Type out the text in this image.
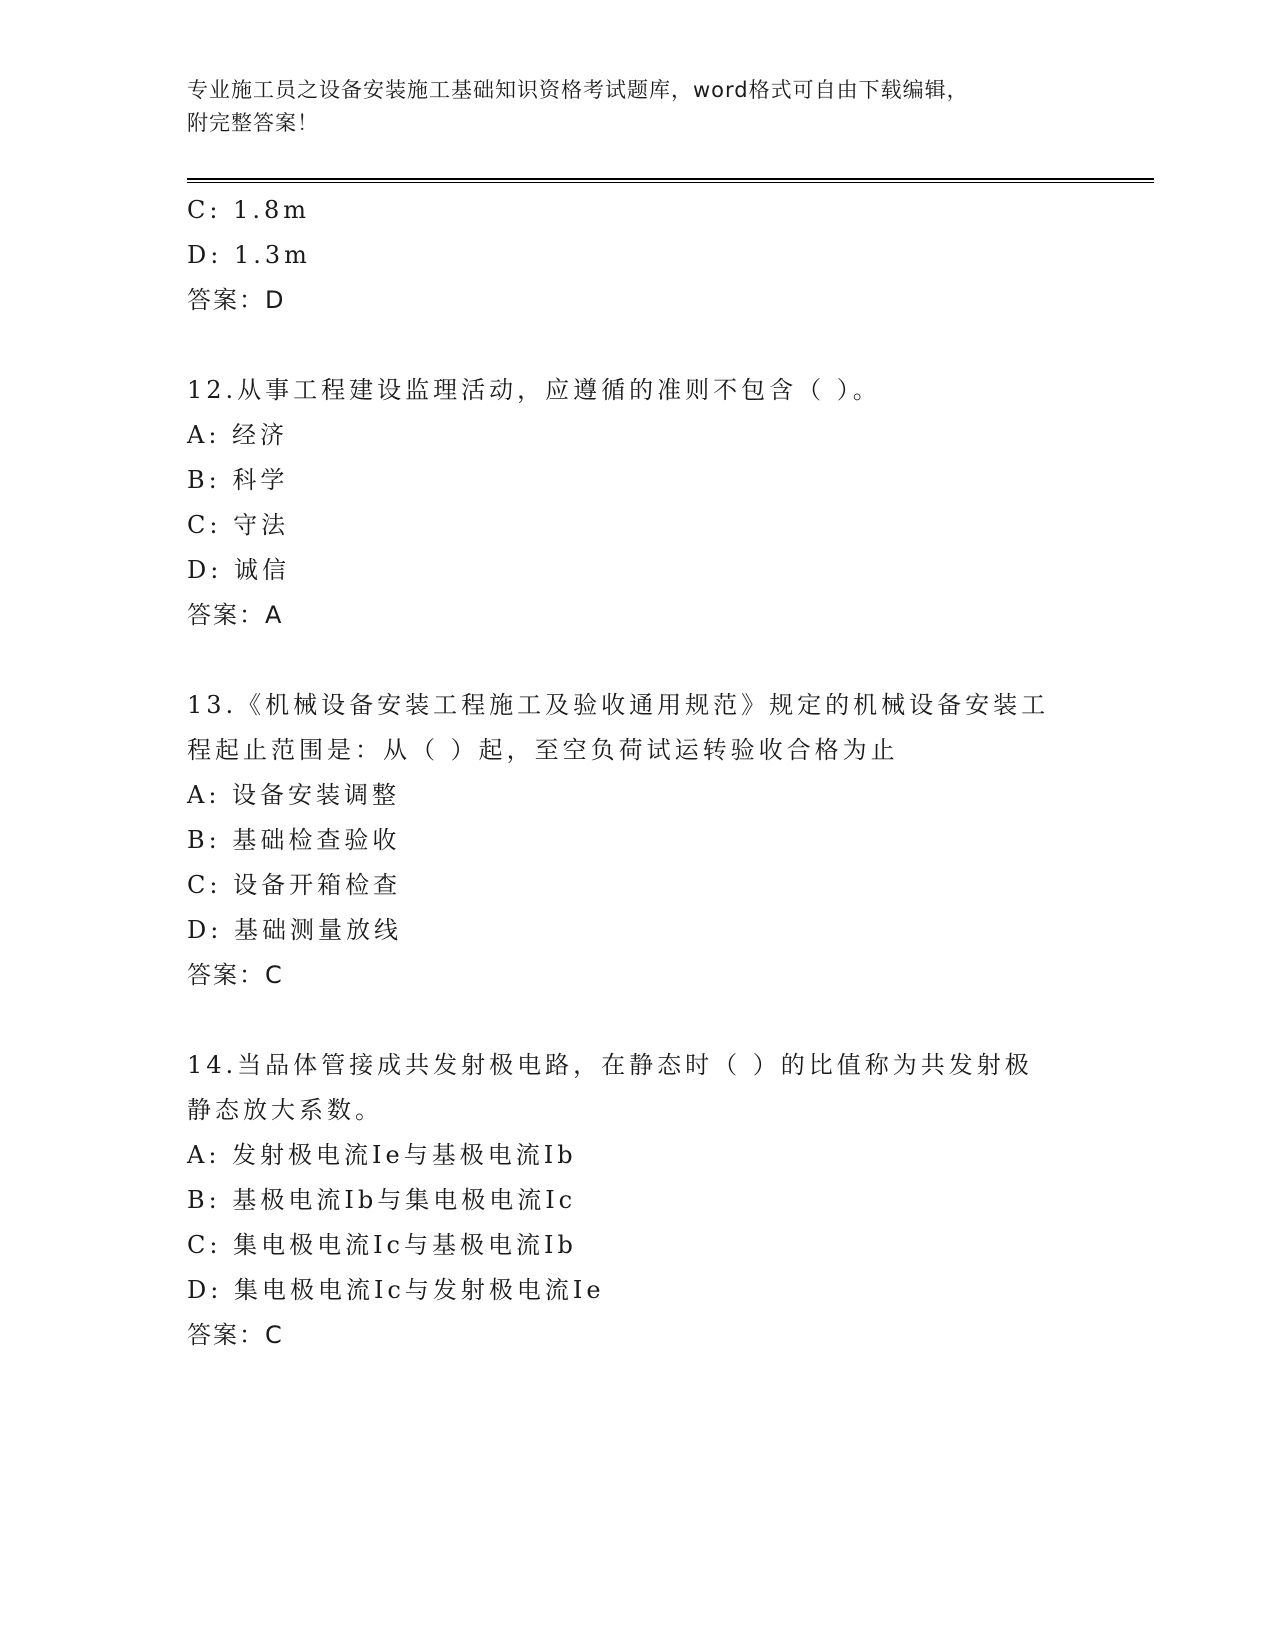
专业施工员之设备安装施工基础知识资格考试题库，word格式可自由下载编辑，
附完整答案！
C: 1.8m
D: 1.3m
答案：D
12.从事工程建设监理活动，应遵循的准则不包含（ ）。
A: 经济
B: 科学
C: 守法
D: 诚信
答案：A
13.《机械设备安装工程施工及验收通用规范》规定的机械设备安装工
程起止范围是：从（ ）起，至空负荷试运转验收合格为止
A: 设备安装调整
B: 基础检查验收
C: 设备开箱检查
D: 基础测量放线
答案：C
14.当品体管接成共发射极电路，在静态时（ ）的比值称为共发射极
静态放大系数。
A: 发射极电流Ie与基极电流Ib
B: 基极电流Ib与集电极电流Ic
C: 集电极电流Ic与基极电流Ib
D: 集电极电流Ic与发射极电流Ie
答案：C
